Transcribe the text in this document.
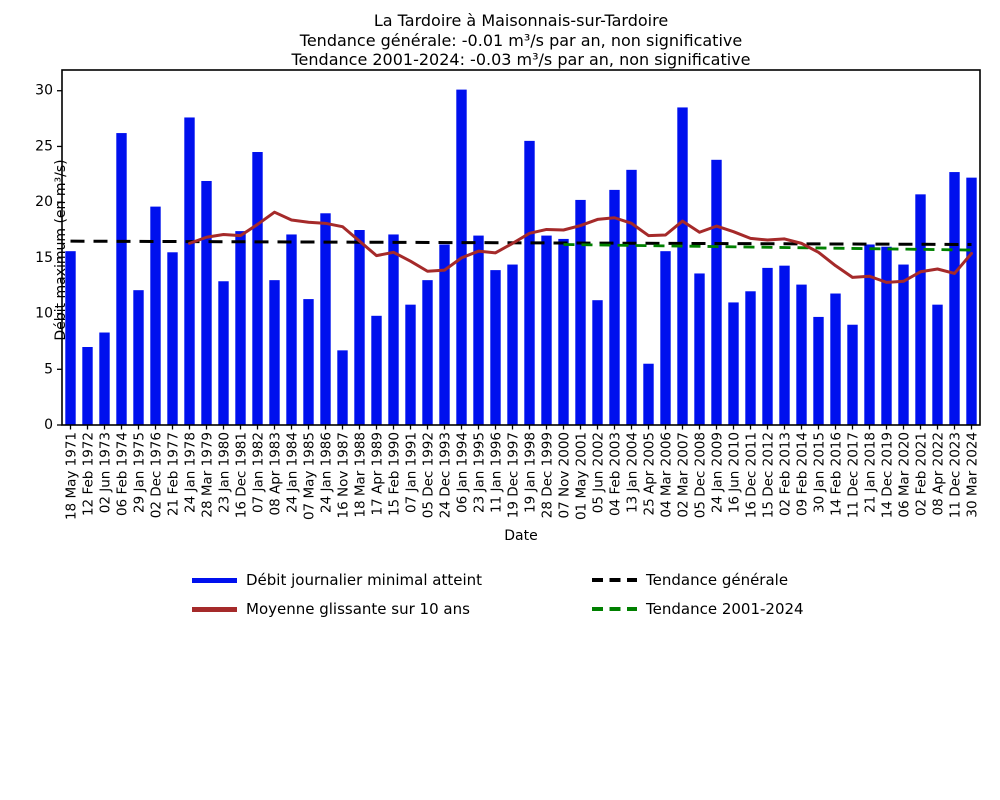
La Tardoire à Maisonnais-sur-Tardoire
Tendance générale: -0.01 m³/s par an, non significative
Tendance 2001-2024: -0.03 m³/s par an, non significative
0
5
10
15
20
25
30
18 May 1971 12 Feb 1972 02 Jun 1973 06 Feb 1974 29 Jan 1975 02 Dec 1976 21 Feb 1977 24 Jan 1978 28 Mar 1979 23 Jan 1980 16 Dec 1981 07 Jan 1982 08 Apr 1983 24 Jan 1984 07 May 1985 24 Jan 1986 16 Nov 1987 18 Mar 1988 17 Apr 1989 15 Feb 1990 07 Jan 1991 05 Dec 1992 24 Dec 1993 06 Jan 1994 23 Jan 1995 11 Jan 1996 19 Dec 1997 19 Jan 1998 28 Dec 1999 07 Nov 2000 01 May 2001 05 Jun 2002 04 Feb 2003 13 Jan 2004 25 Apr 2005 04 Mar 2006 02 Mar 2007 05 Dec 2008 24 Jan 2009 16 Jun 2010 16 Dec 2011 15 Dec 2012 02 Feb 2013 09 Feb 2014 30 Jan 2015 14 Feb 2016 11 Dec 2017 21 Jan 2018 14 Dec 2019 06 Mar 2020 02 Feb 2021 08 Apr 2022 11 Dec 2023 30 Mar 2024
Débit maximum (en m³/s)
Date
Débit journalier minimal atteint	Tendance générale
Moyenne glissante sur 10 ans	Tendance 2001-2024
